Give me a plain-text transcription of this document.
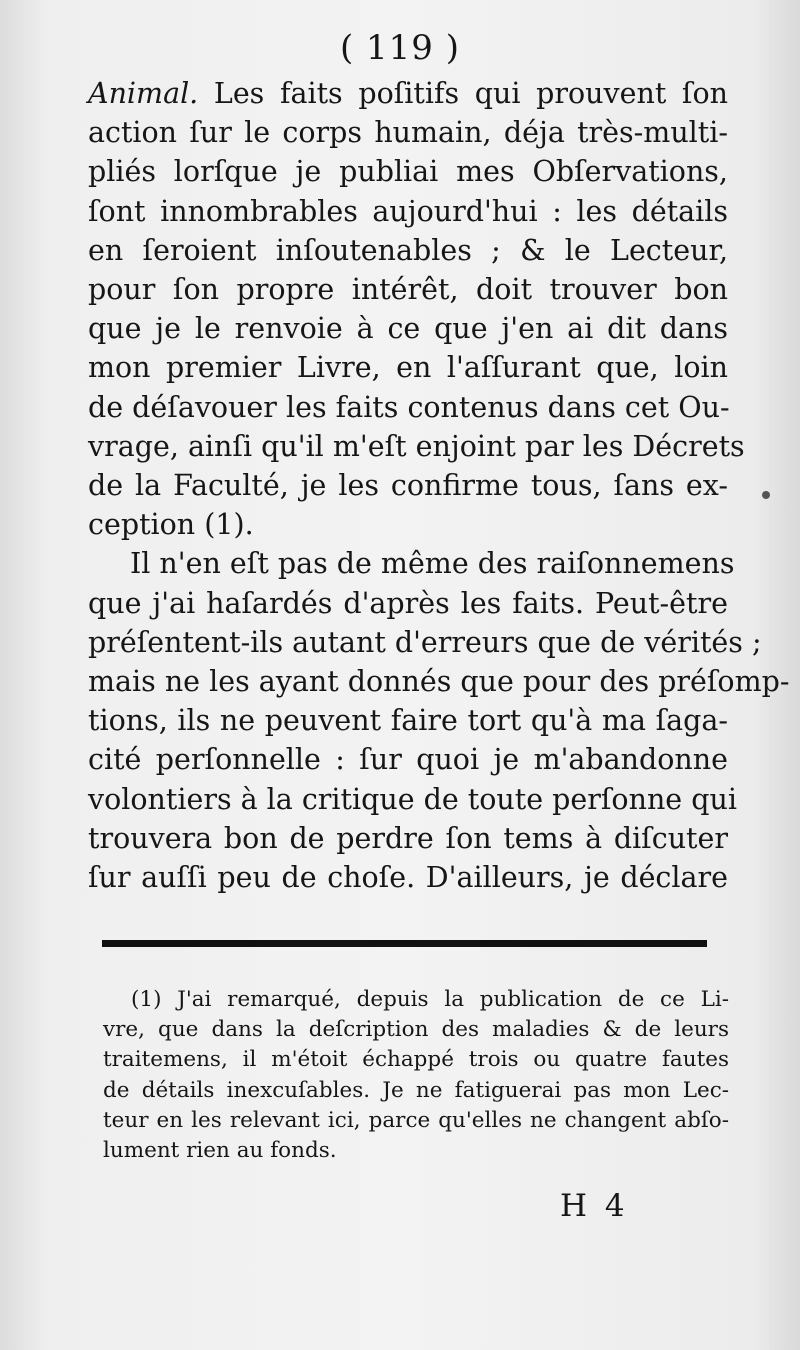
( 119 )
Animal. Les faits poſitifs qui prouvent ſon
action ſur le corps humain, déja très-multi-
pliés lorſque je publiai mes Obſervations,
ſont innombrables aujourd'hui : les détails
en ſeroient inſoutenables ; & le Lecteur,
pour ſon propre intérêt, doit trouver bon
que je le renvoie à ce que j'en ai dit dans
mon premier Livre, en l'aſſurant que, loin
de déſavouer les faits contenus dans cet Ou-
vrage, ainſi qu'il m'eſt enjoint par les Décrets
de la Faculté, je les confirme tous, ſans ex-
ception (1).
Il n'en eſt pas de même des raiſonnemens
que j'ai haſardés d'après les faits. Peut-être
préſentent-ils autant d'erreurs que de vérités ;
mais ne les ayant donnés que pour des préſomp-
tions, ils ne peuvent faire tort qu'à ma ſaga-
cité perſonnelle : ſur quoi je m'abandonne
volontiers à la critique de toute perſonne qui
trouvera bon de perdre ſon tems à diſcuter
ſur auſſi peu de choſe. D'ailleurs, je déclare
(1) J'ai remarqué, depuis la publication de ce Li-
vre, que dans la deſcription des maladies & de leurs
traitemens, il m'étoit échappé trois ou quatre fautes
de détails inexcuſables. Je ne fatiguerai pas mon Lec-
teur en les relevant ici, parce qu'elles ne changent abſo-
lument rien au fonds.
H 4
